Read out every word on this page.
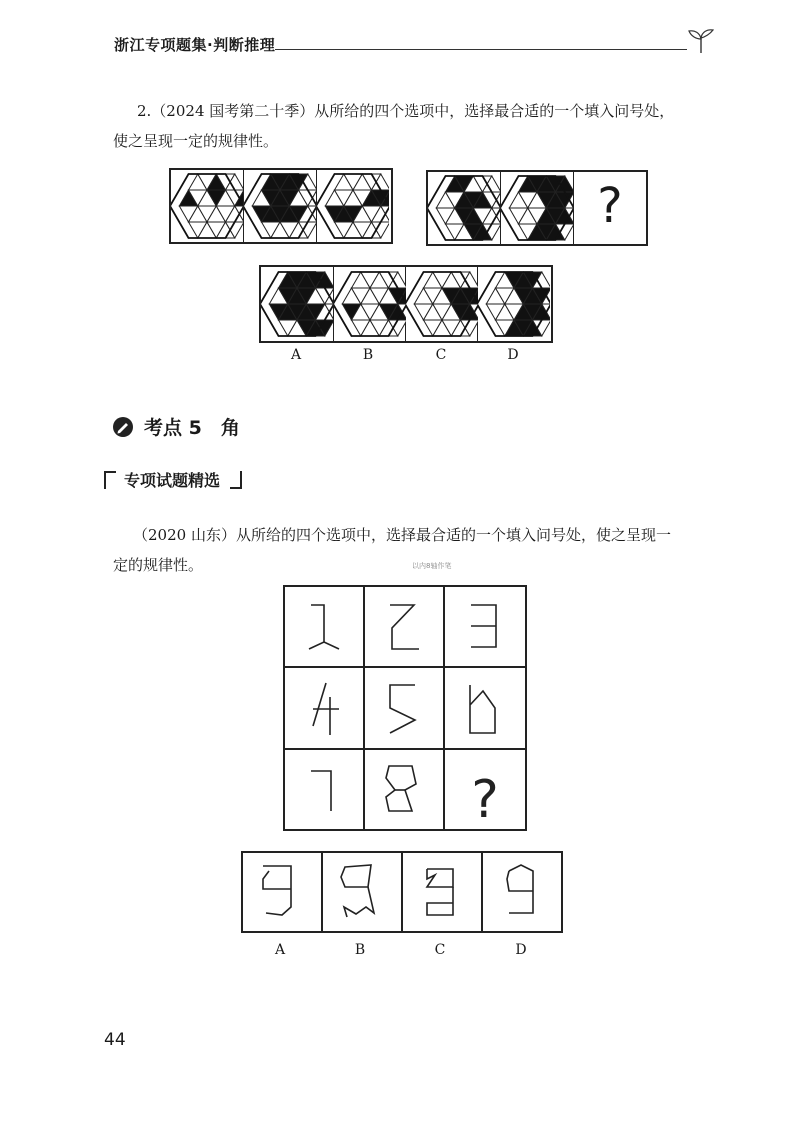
浙江专项题集·判断推理
2.（2024 国考第二十季）从所给的四个选项中，选择最合适的一个填入问号处，
使之呈现一定的规律性。
?
A	B	C	D
考点 5　角
专项试题精选
（2020 山东）从所给的四个选项中，选择最合适的一个填入问号处，使之呈现一
定的规律性。	以内8轴作笔
?
A	B	C	D
44
